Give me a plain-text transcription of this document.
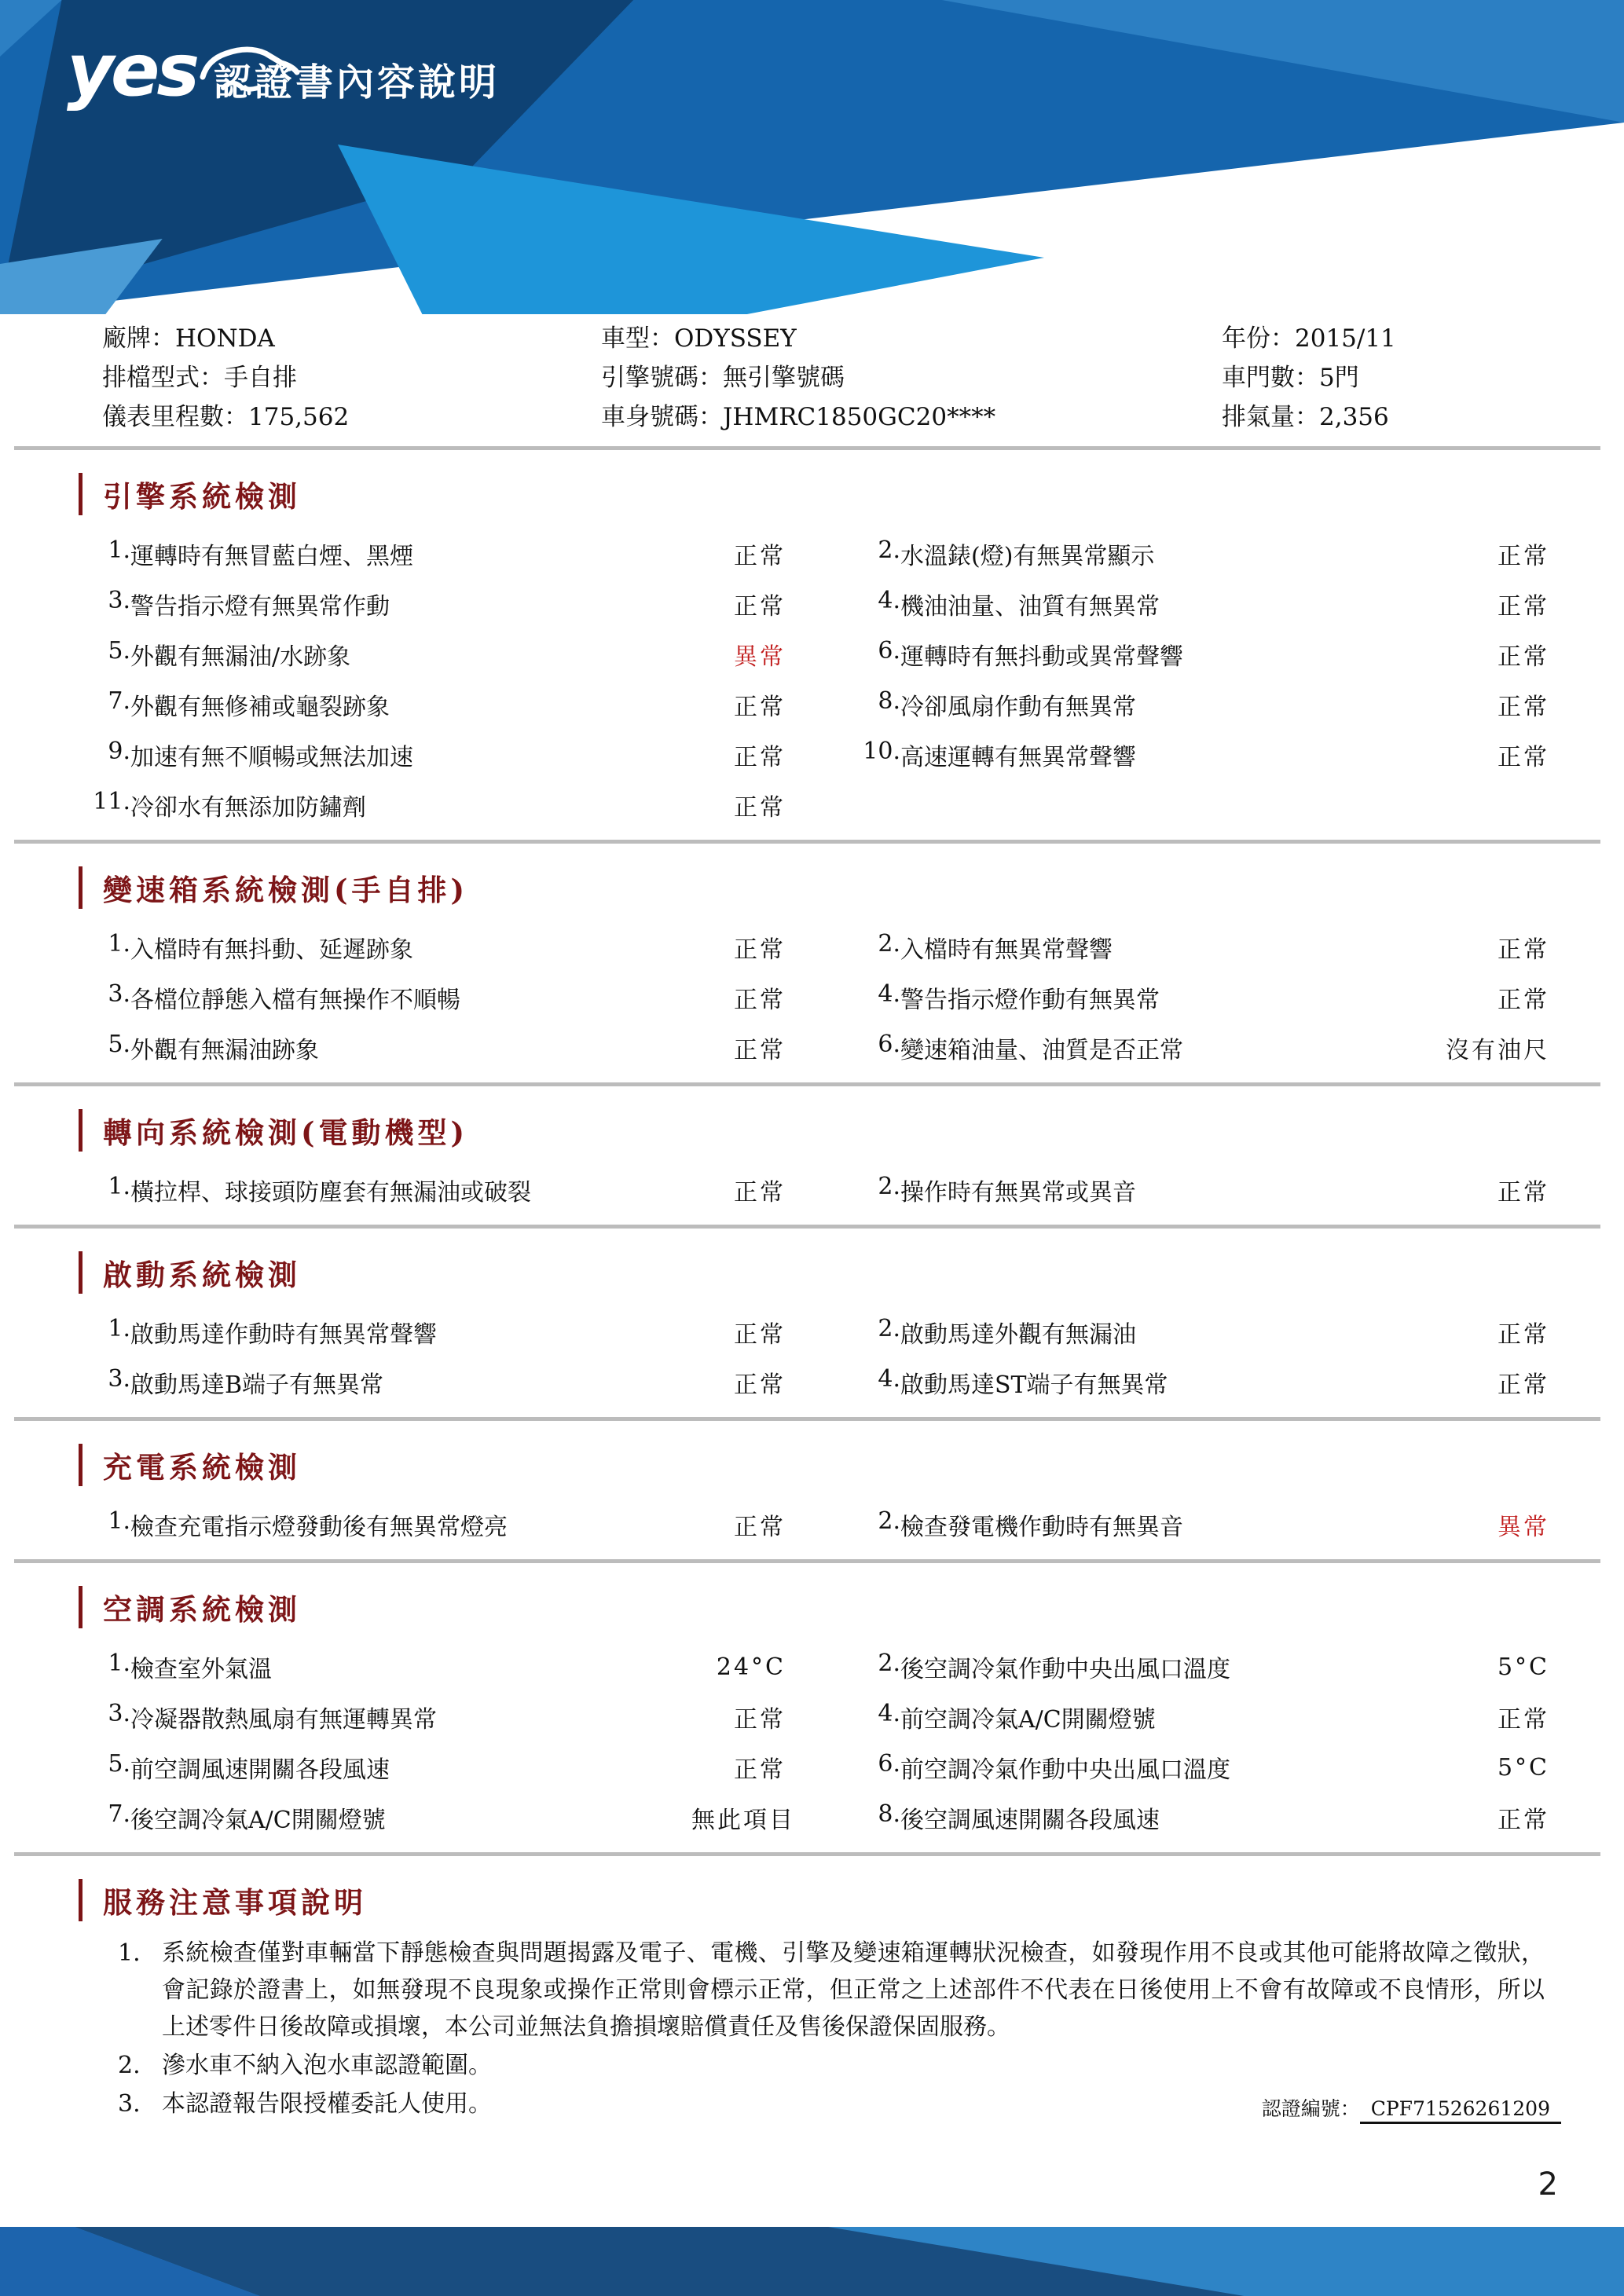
yes 認證書內容說明
廠牌：HONDA	車型：ODYSSEY	年份：2015/11
排檔型式：手自排	引擎號碼：無引擎號碼	車門數：5門
儀表里程數：175,562	車身號碼：JHMRC1850GC20****	排氣量：2,356
引擎系統檢測
1. 運轉時有無冒藍白煙、黑煙	正常	2. 水溫錶(燈)有無異常顯示	正常
3. 警告指示燈有無異常作動	正常	4. 機油油量、油質有無異常	正常
5. 外觀有無漏油/水跡象	異常	6. 運轉時有無抖動或異常聲響	正常
7. 外觀有無修補或龜裂跡象	正常	8. 冷卻風扇作動有無異常	正常
9. 加速有無不順暢或無法加速	正常	10. 高速運轉有無異常聲響	正常
11. 冷卻水有無添加防鏽劑	正常
變速箱系統檢測(手自排)
1. 入檔時有無抖動、延遲跡象	正常	2. 入檔時有無異常聲響	正常
3. 各檔位靜態入檔有無操作不順暢	正常	4. 警告指示燈作動有無異常	正常
5. 外觀有無漏油跡象	正常	6. 變速箱油量、油質是否正常	沒有油尺
轉向系統檢測(電動機型)
1. 橫拉桿、球接頭防塵套有無漏油或破裂	正常	2. 操作時有無異常或異音	正常
啟動系統檢測
1. 啟動馬達作動時有無異常聲響	正常	2. 啟動馬達外觀有無漏油	正常
3. 啟動馬達B端子有無異常	正常	4. 啟動馬達ST端子有無異常	正常
充電系統檢測
1. 檢查充電指示燈發動後有無異常燈亮	正常	2. 檢查發電機作動時有無異音	異常
空調系統檢測
1. 檢查室外氣溫	24°C	2. 後空調冷氣作動中央出風口溫度	5°C
3. 冷凝器散熱風扇有無運轉異常	正常	4. 前空調冷氣A/C開關燈號	正常
5. 前空調風速開關各段風速	正常	6. 前空調冷氣作動中央出風口溫度	5°C
7. 後空調冷氣A/C開關燈號	無此項目	8. 後空調風速開關各段風速	正常
服務注意事項說明
1. 系統檢查僅對車輛當下靜態檢查與問題揭露及電子、電機、引擎及變速箱運轉狀況檢查，如發現作用不良或其他可能將故障之徵狀，會記錄於證書上，如無發現不良現象或操作正常則會標示正常，但正常之上述部件不代表在日後使用上不會有故障或不良情形，所以上述零件日後故障或損壞，本公司並無法負擔損壞賠償責任及售後保證保固服務。
2. 滲水車不納入泡水車認證範圍。
3. 本認證報告限授權委託人使用。	認證編號： CPF71526261209
2
